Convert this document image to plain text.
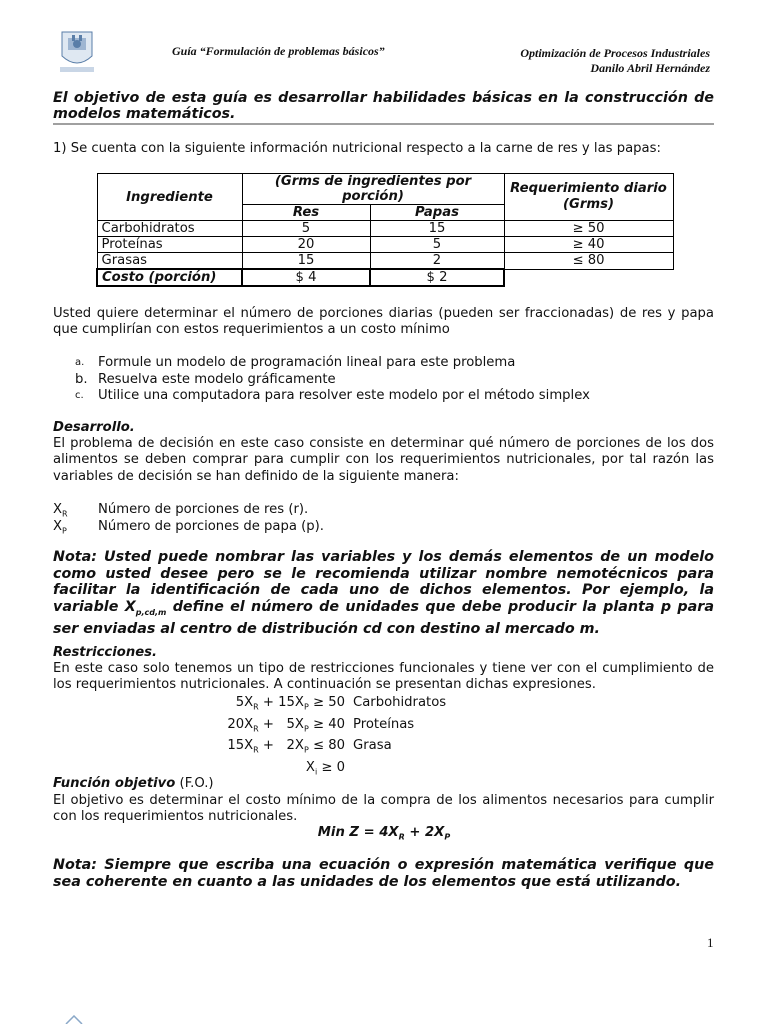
Guía “Formulación de problemas básicos”	Optimización de Procesos Industriales
Danilo Abril Hernández
El objetivo de esta guía es desarrollar habilidades básicas en la construcción de modelos matemáticos.
1) Se cuenta con la siguiente información nutricional respecto a la carne de res y las papas:
Ingrediente	(Grms de ingredientes por porción)		Requerimiento diario (Grms)
	Res	Papas	
Carbohidratos	5	15	≥ 50
Proteínas	20	5	≥ 40
Grasas	15	2	≤ 80
Costo (porción)	$ 4	$ 2	
Usted quiere determinar el número de porciones diarias (pueden ser fraccionadas) de res y papa que cumplirían con estos requerimientos a un costo mínimo
a. Formule un modelo de programación lineal para este problema
b. Resuelva este modelo gráficamente
c. Utilice una computadora para resolver este modelo por el método simplex
Desarrollo.
El problema de decisión en este caso consiste en determinar qué número de porciones de los dos alimentos se deben comprar para cumplir con los requerimientos nutricionales, por tal razón las variables de decisión se han definido de la siguiente manera:
$X_R$ Número de porciones de res (r).
$X_P$ Número de porciones de papa (p).
Nota: Usted puede nombrar las variables y los demás elementos de un modelo como usted desee pero se le recomienda utilizar nombre nemotécnicos para facilitar la identificación de cada uno de dichos elementos. Por ejemplo, la variable $X_{p,cd,m}$ define el número de unidades que debe producir la planta p para ser enviadas al centro de distribución cd con destino al mercado m.
Restricciones.
En este caso solo tenemos un tipo de restricciones funcionales y tiene ver con el cumplimiento de los requerimientos nutricionales. A continuación se presentan dichas expresiones.
$5X_R + 15X_P \ge 50$ Carbohidratos
$20X_R + 5X_P \ge 40$ Proteínas
$15X_R + 2X_P \le 80$ Grasa
$X_i \ge 0$
Función objetivo (F.O.)
El objetivo es determinar el costo mínimo de la compra de los alimentos necesarios para cumplir con los requerimientos nutricionales.
Min $Z = 4X_R + 2X_P$
Nota: Siempre que escriba una ecuación o expresión matemática verifique que sea coherente en cuanto a las unidades de los elementos que está utilizando.
1
